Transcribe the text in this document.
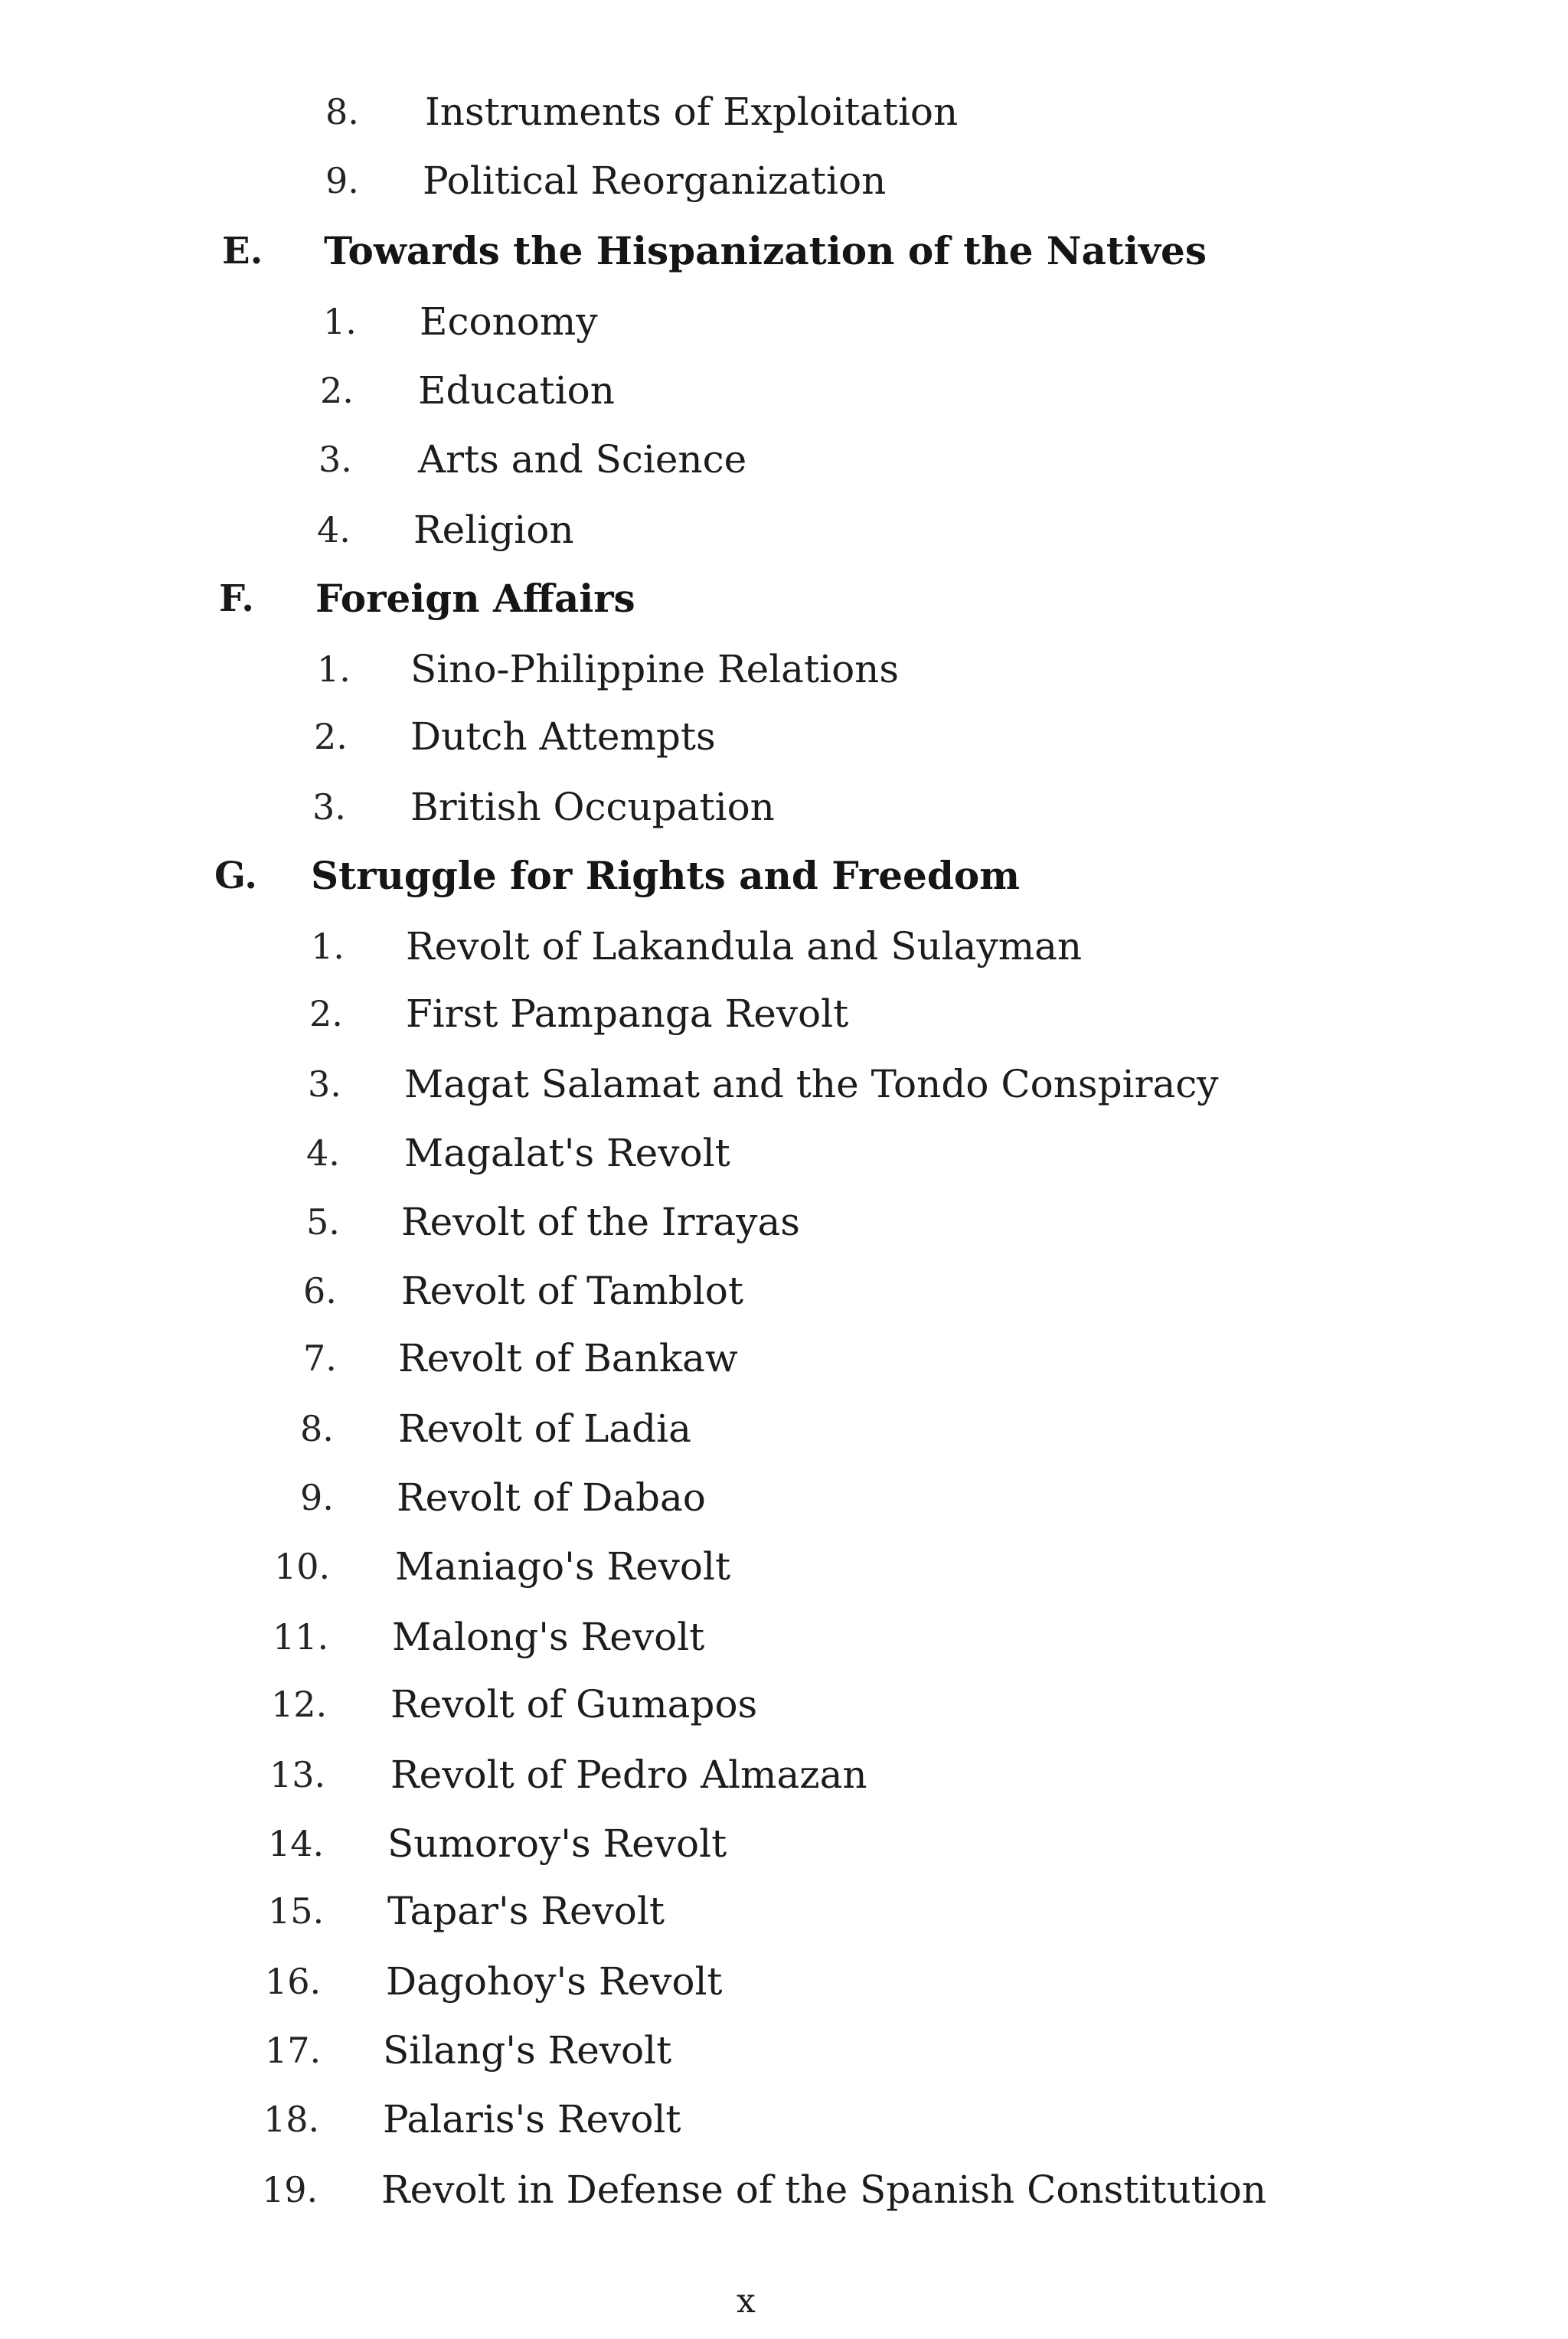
8. Instruments of Exploitation
9. Political Reorganization
E. Towards the Hispanization of the Natives
1. Economy
2. Education
3. Arts and Science
4. Religion
F. Foreign Affairs
1. Sino-Philippine Relations
2. Dutch Attempts
3. British Occupation
G. Struggle for Rights and Freedom
1. Revolt of Lakandula and Sulayman
2. First Pampanga Revolt
3. Magat Salamat and the Tondo Conspiracy
4. Magalat's Revolt
5. Revolt of the Irrayas
6. Revolt of Tamblot
7. Revolt of Bankaw
8. Revolt of Ladia
9. Revolt of Dabao
10. Maniago's Revolt
11. Malong's Revolt
12. Revolt of Gumapos
13. Revolt of Pedro Almazan
14. Sumoroy's Revolt
15. Tapar's Revolt
16. Dagohoy's Revolt
17. Silang's Revolt
18. Palaris's Revolt
19. Revolt in Defense of the Spanish Constitution
x
